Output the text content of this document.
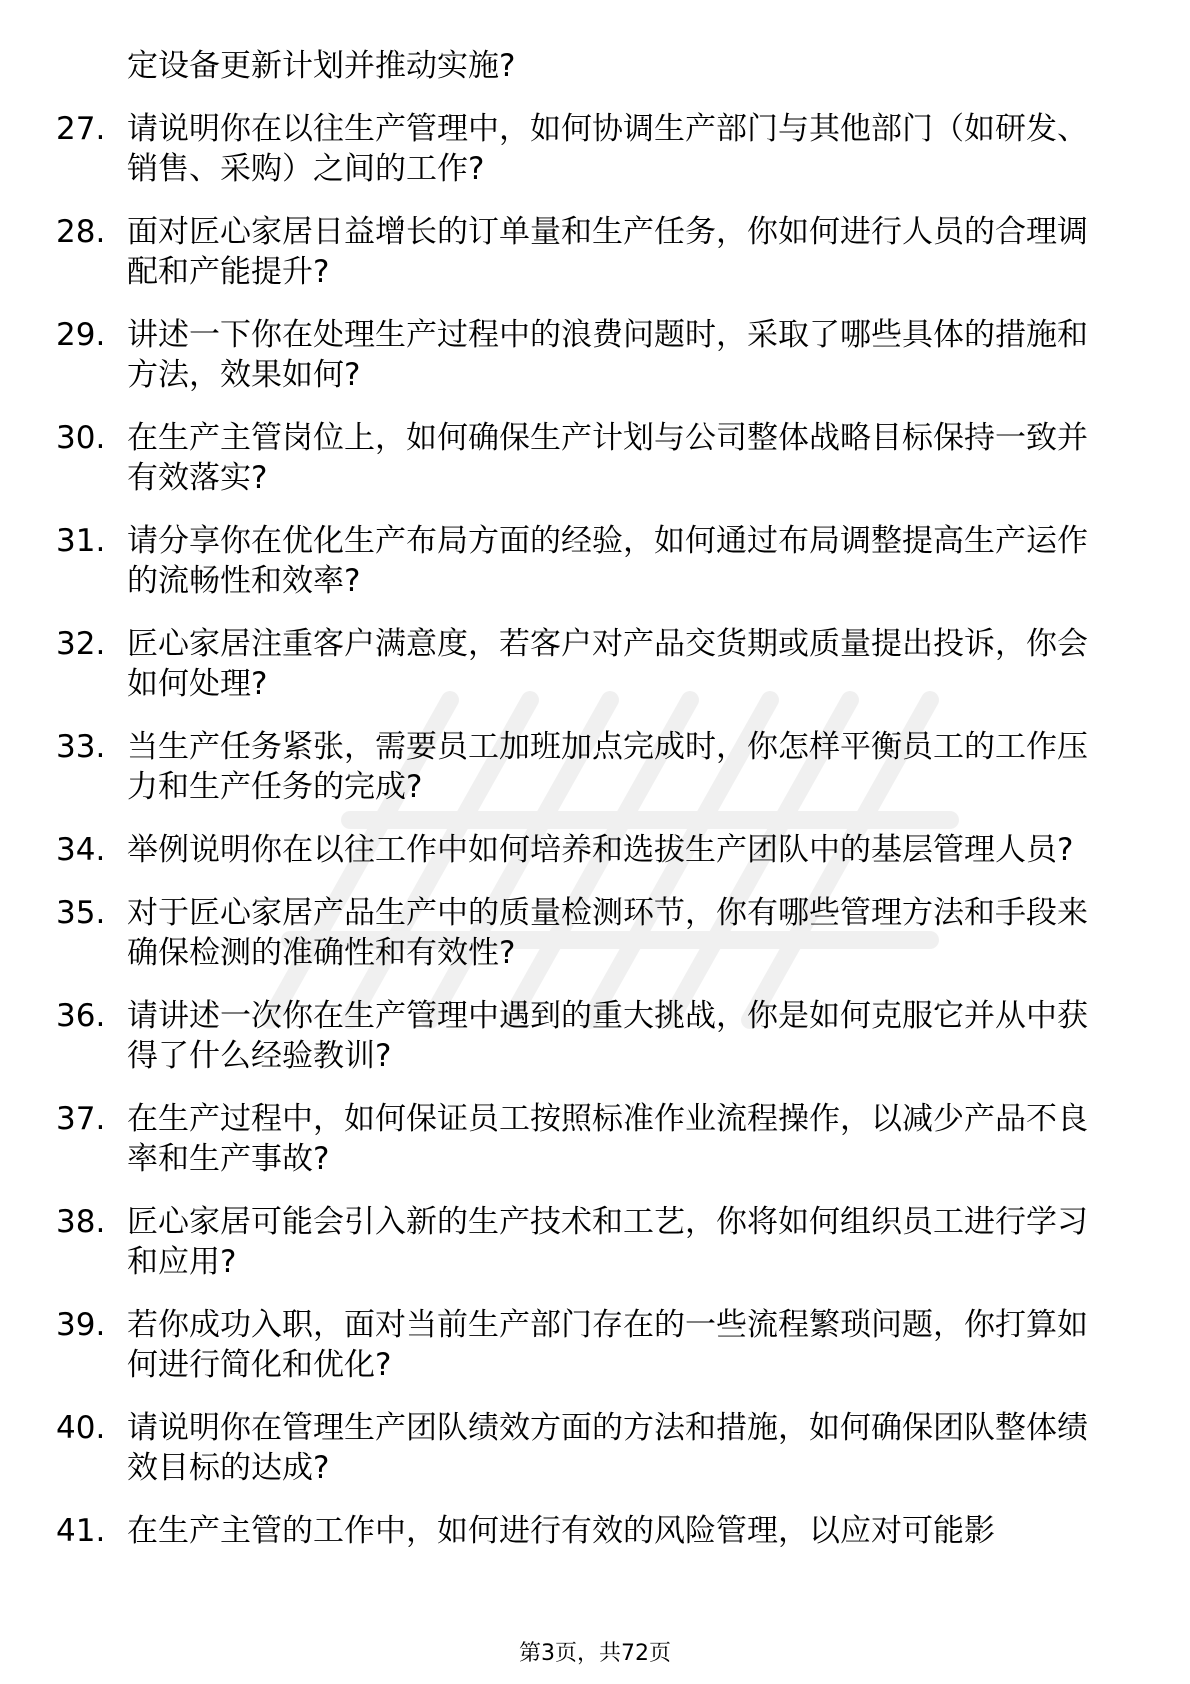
定设备更新计划并推动实施?
27. 请说明你在以往生产管理中，如何协调生产部门与其他部门（如研发、销售、采购）之间的工作?
28. 面对匠心家居日益增长的订单量和生产任务，你如何进行人员的合理调配和产能提升?
29. 讲述一下你在处理生产过程中的浪费问题时，采取了哪些具体的措施和方法，效果如何?
30. 在生产主管岗位上，如何确保生产计划与公司整体战略目标保持一致并有效落实?
31. 请分享你在优化生产布局方面的经验，如何通过布局调整提高生产运作的流畅性和效率?
32. 匠心家居注重客户满意度，若客户对产品交货期或质量提出投诉，你会如何处理?
33. 当生产任务紧张，需要员工加班加点完成时，你怎样平衡员工的工作压力和生产任务的完成?
34. 举例说明你在以往工作中如何培养和选拔生产团队中的基层管理人员?
35. 对于匠心家居产品生产中的质量检测环节，你有哪些管理方法和手段来确保检测的准确性和有效性?
36. 请讲述一次你在生产管理中遇到的重大挑战，你是如何克服它并从中获得了什么经验教训?
37. 在生产过程中，如何保证员工按照标准作业流程操作，以减少产品不良率和生产事故?
38. 匠心家居可能会引入新的生产技术和工艺，你将如何组织员工进行学习和应用?
39. 若你成功入职，面对当前生产部门存在的一些流程繁琐问题，你打算如何进行简化和优化?
40. 请说明你在管理生产团队绩效方面的方法和措施，如何确保团队整体绩效目标的达成?
41. 在生产主管的工作中，如何进行有效的风险管理，以应对可能影
第3页，共72页
